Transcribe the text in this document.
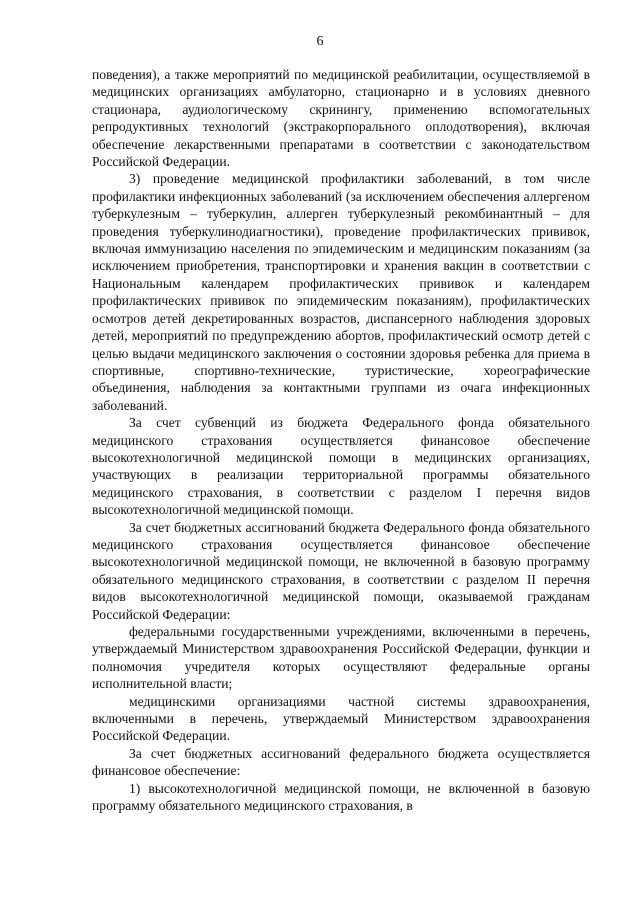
6

поведения), а также мероприятий по медицинской реабилитации, осуществляемой в медицинских организациях амбулаторно, стационарно и в условиях дневного стационара, аудиологическому скринингу, применению вспомогательных репродуктивных технологий (экстракорпорального оплодотворения), включая обеспечение лекарственными препаратами в соответствии с законодательством Российской Федерации.

3) проведение медицинской профилактики заболеваний, в том числе профилактики инфекционных заболеваний (за исключением обеспечения аллергеном туберкулезным – туберкулин, аллерген туберкулезный рекомбинантный – для проведения туберкулинодиагностики), проведение профилактических прививок, включая иммунизацию населения по эпидемическим и медицинским показаниям (за исключением приобретения, транспортировки и хранения вакцин в соответствии с Национальным календарем профилактических прививок и календарем профилактических прививок по эпидемическим показаниям), профилактических осмотров детей декретированных возрастов, диспансерного наблюдения здоровых детей, мероприятий по предупреждению абортов, профилактический осмотр детей с целью выдачи медицинского заключения о состоянии здоровья ребенка для приема в спортивные, спортивно-технические, туристические, хореографические объединения, наблюдения за контактными группами из очага инфекционных заболеваний.

За счет субвенций из бюджета Федерального фонда обязательного медицинского страхования осуществляется финансовое обеспечение высокотехнологичной медицинской помощи в медицинских организациях, участвующих в реализации территориальной программы обязательного медицинского страхования, в соответствии с разделом I перечня видов высокотехнологичной медицинской помощи.

За счет бюджетных ассигнований бюджета Федерального фонда обязательного медицинского страхования осуществляется финансовое обеспечение высокотехнологичной медицинской помощи, не включенной в базовую программу обязательного медицинского страхования, в соответствии с разделом II перечня видов высокотехнологичной медицинской помощи, оказываемой гражданам Российской Федерации:

федеральными государственными учреждениями, включенными в перечень, утверждаемый Министерством здравоохранения Российской Федерации, функции и полномочия учредителя которых осуществляют федеральные органы исполнительной власти;

медицинскими организациями частной системы здравоохранения, включенными в перечень, утверждаемый Министерством здравоохранения Российской Федерации.

За счет бюджетных ассигнований федерального бюджета осуществляется финансовое обеспечение:

1) высокотехнологичной медицинской помощи, не включенной в базовую программу обязательного медицинского страхования, в
